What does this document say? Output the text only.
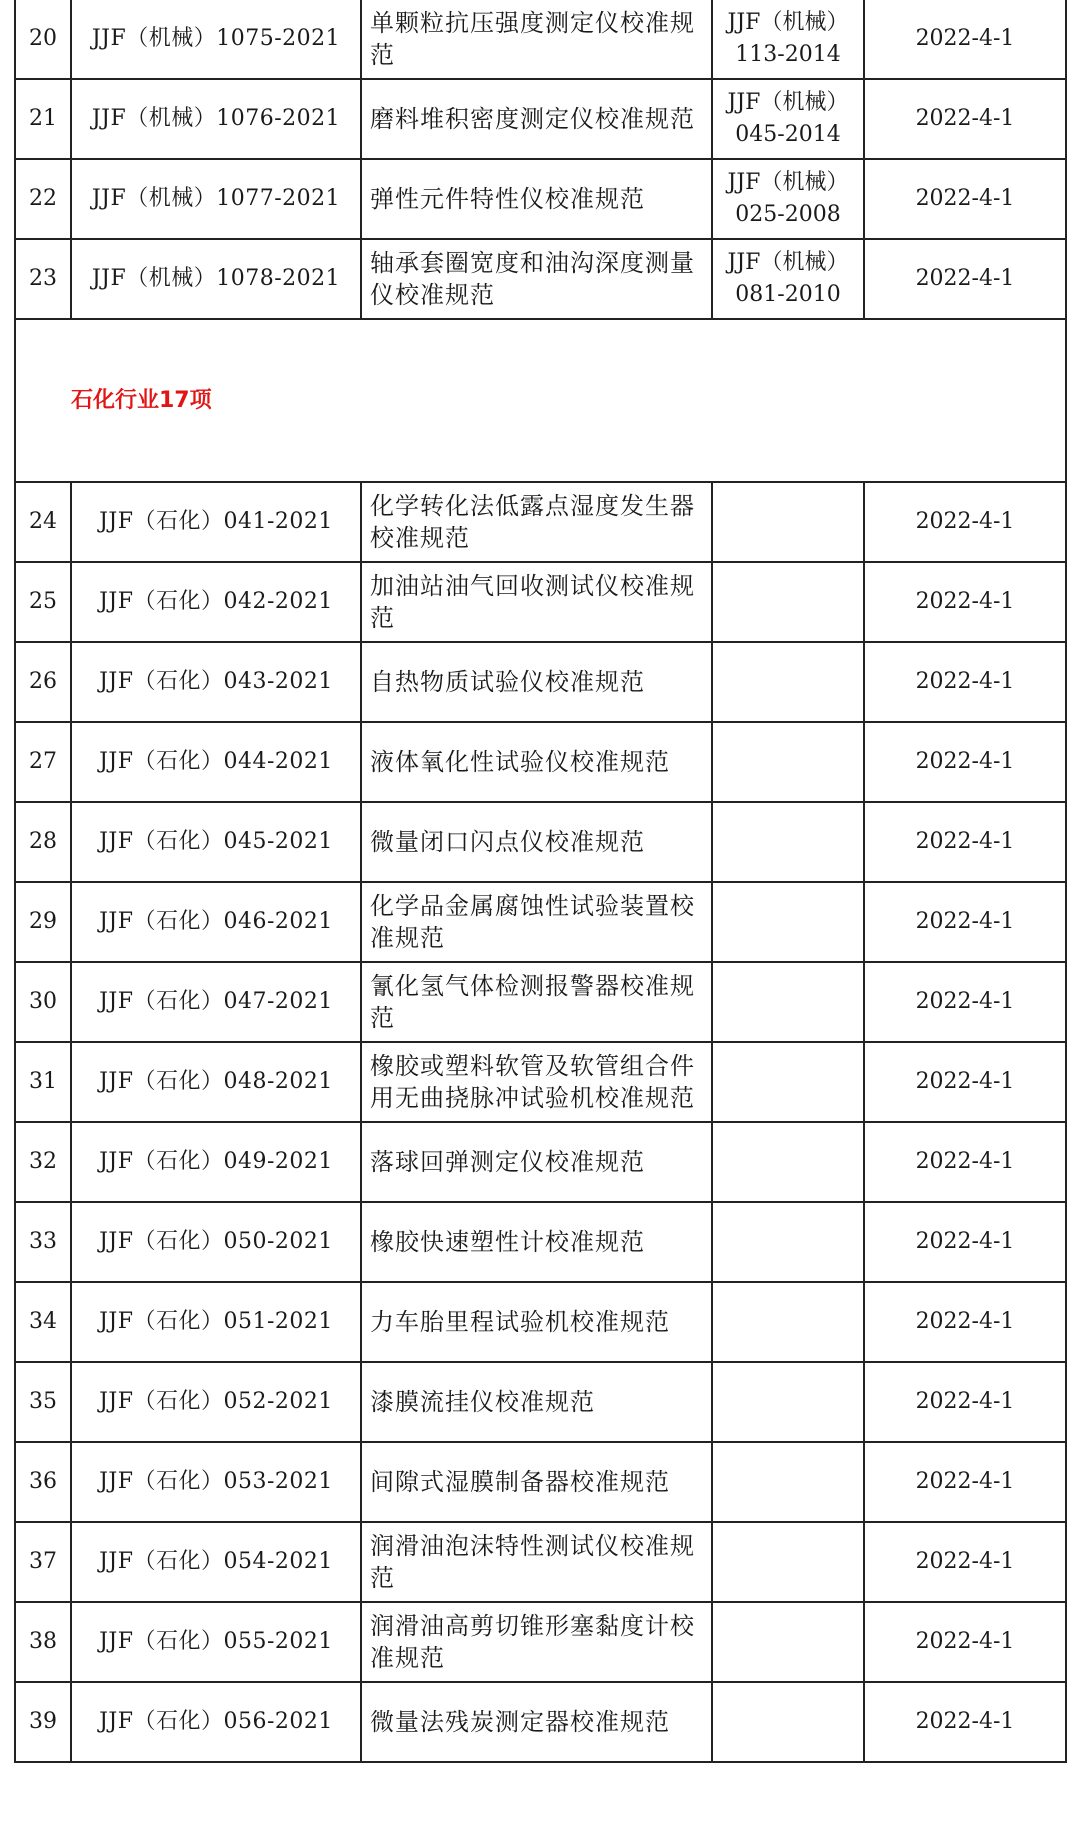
20	JJF（机械）1075-2021	单颗粒抗压强度测定仪校准规范	JJF（机械）113-2014	2022-4-1
21	JJF（机械）1076-2021	磨料堆积密度测定仪校准规范	JJF（机械）045-2014	2022-4-1
22	JJF（机械）1077-2021	弹性元件特性仪校准规范	JJF（机械）025-2008	2022-4-1
23	JJF（机械）1078-2021	轴承套圈宽度和油沟深度测量仪校准规范	JJF（机械）081-2010	2022-4-1
石化行业17项				
24	JJF（石化）041-2021	化学转化法低露点湿度发生器校准规范		2022-4-1
25	JJF（石化）042-2021	加油站油气回收测试仪校准规范		2022-4-1
26	JJF（石化）043-2021	自热物质试验仪校准规范		2022-4-1
27	JJF（石化）044-2021	液体氧化性试验仪校准规范		2022-4-1
28	JJF（石化）045-2021	微量闭口闪点仪校准规范		2022-4-1
29	JJF（石化）046-2021	化学品金属腐蚀性试验装置校准规范		2022-4-1
30	JJF（石化）047-2021	氰化氢气体检测报警器校准规范		2022-4-1
31	JJF（石化）048-2021	橡胶或塑料软管及软管组合件用无曲挠脉冲试验机校准规范		2022-4-1
32	JJF（石化）049-2021	落球回弹测定仪校准规范		2022-4-1
33	JJF（石化）050-2021	橡胶快速塑性计校准规范		2022-4-1
34	JJF（石化）051-2021	力车胎里程试验机校准规范		2022-4-1
35	JJF（石化）052-2021	漆膜流挂仪校准规范		2022-4-1
36	JJF（石化）053-2021	间隙式湿膜制备器校准规范		2022-4-1
37	JJF（石化）054-2021	润滑油泡沫特性测试仪校准规范		2022-4-1
38	JJF（石化）055-2021	润滑油高剪切锥形塞黏度计校准规范		2022-4-1
39	JJF（石化）056-2021	微量法残炭测定器校准规范		2022-4-1
